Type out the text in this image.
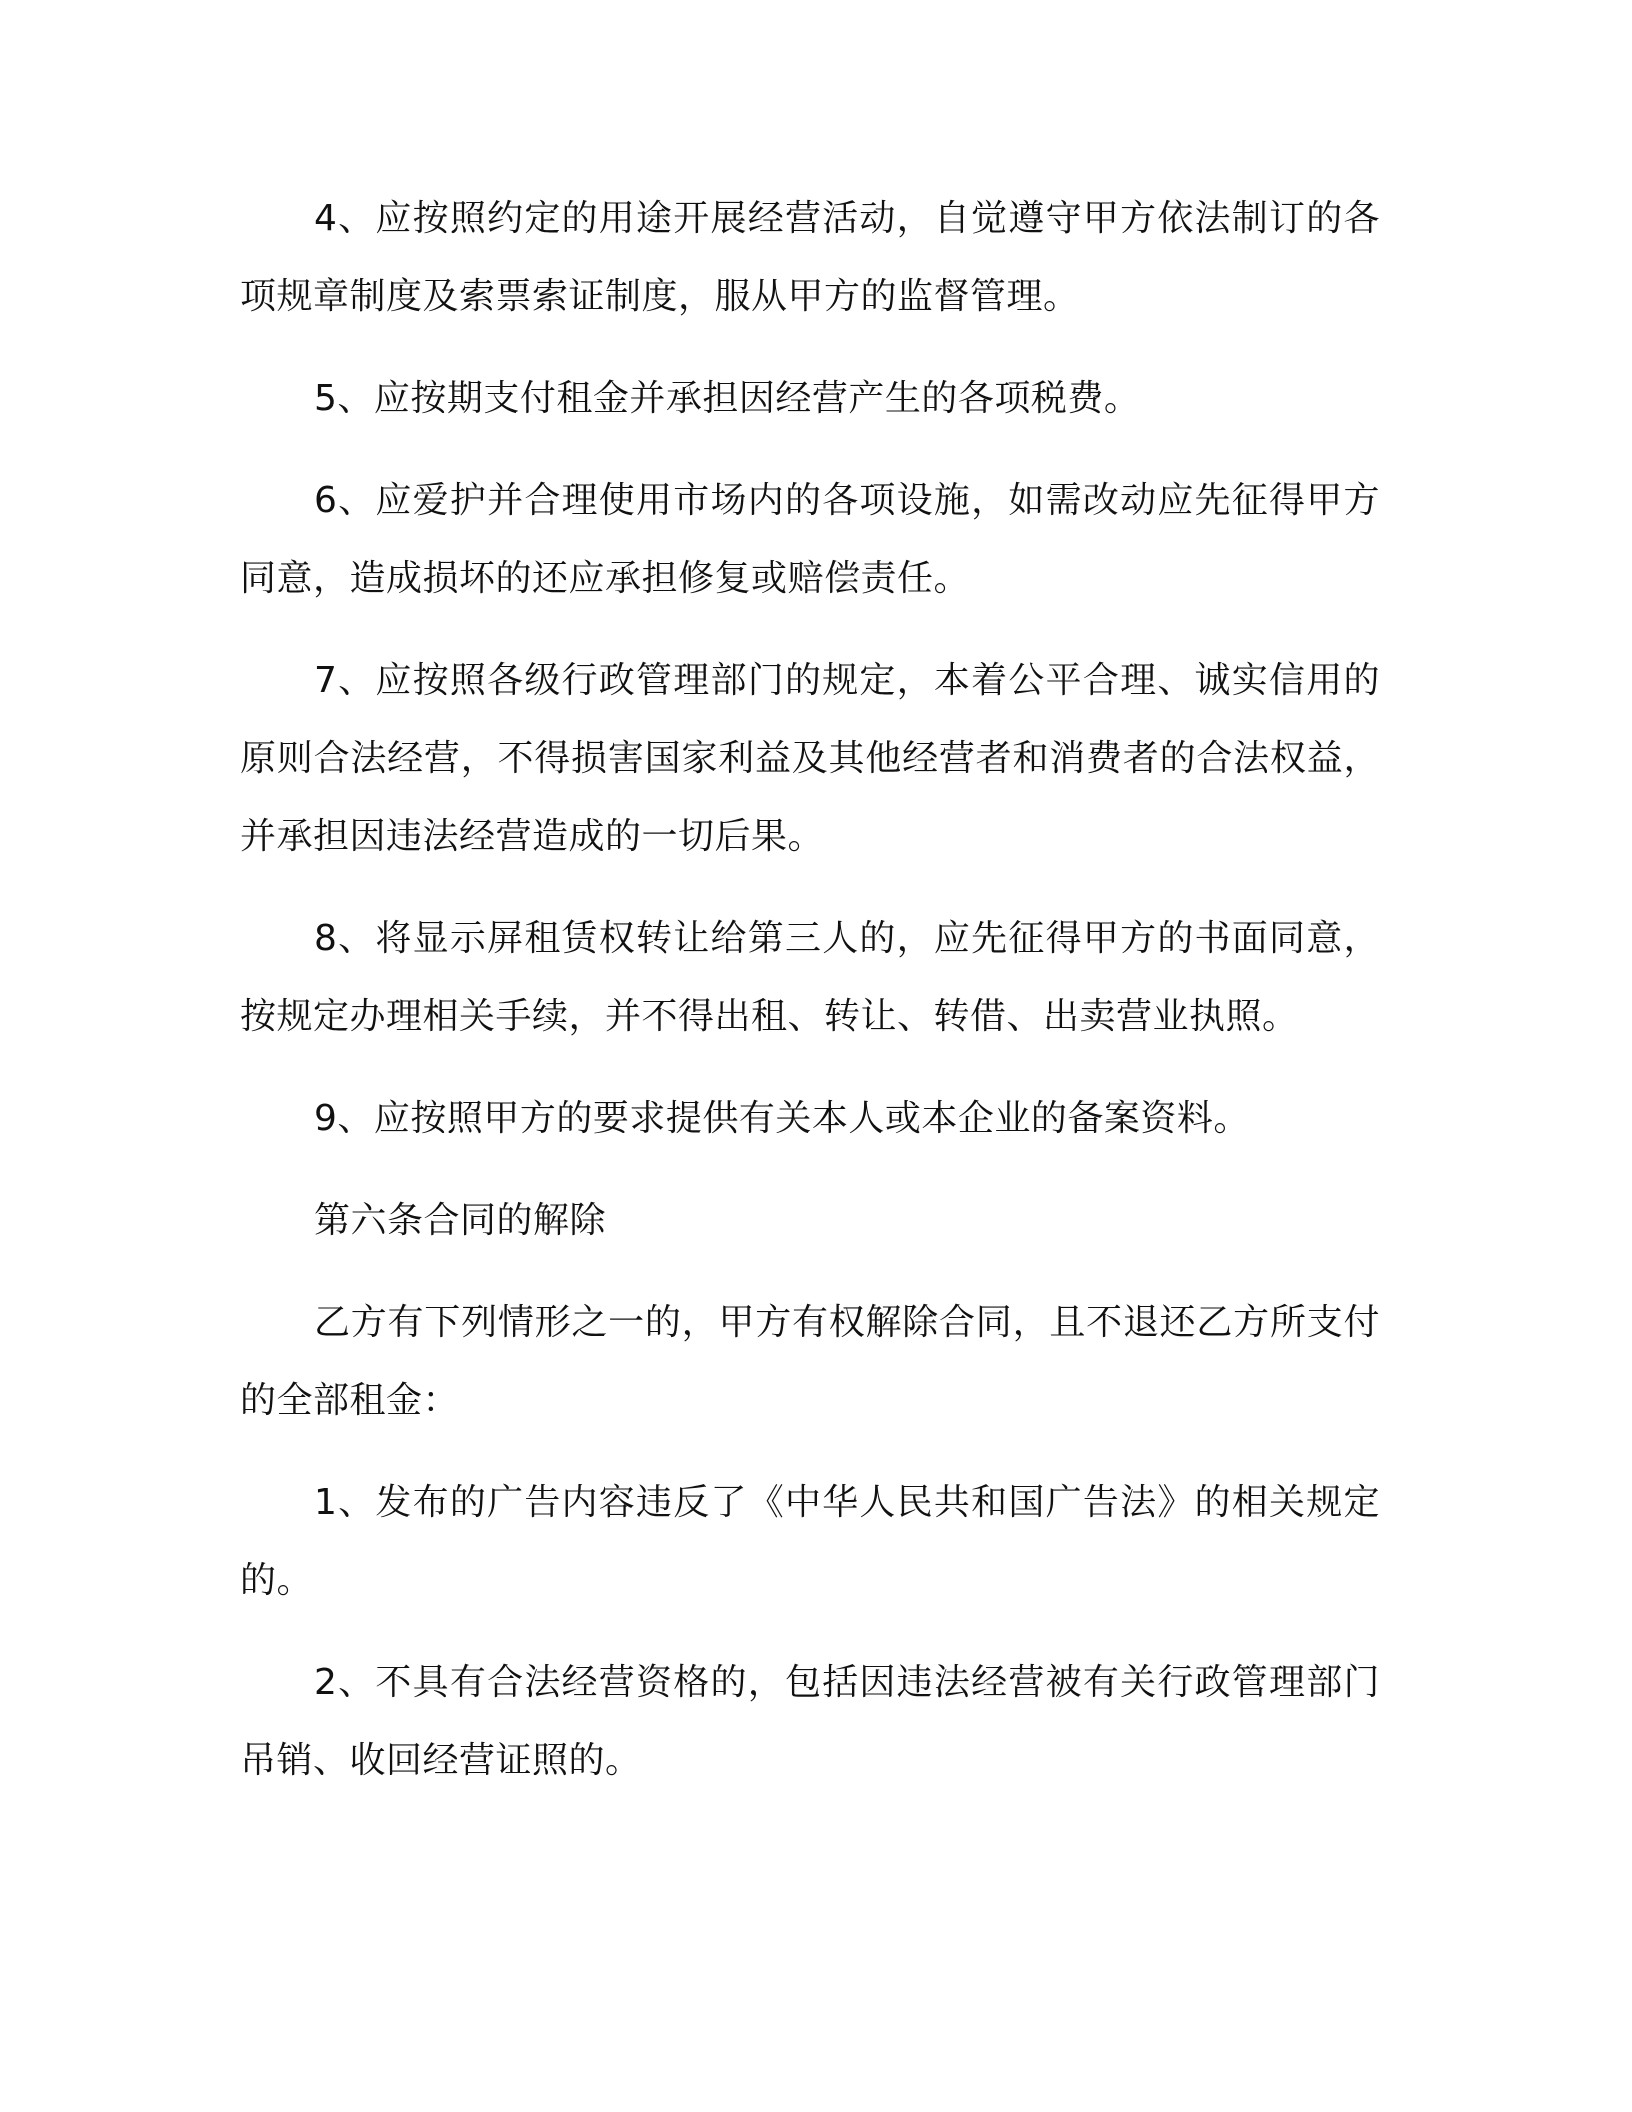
4、应按照约定的用途开展经营活动，自觉遵守甲方依法制订的各项规章制度及索票索证制度，服从甲方的监督管理。

5、应按期支付租金并承担因经营产生的各项税费。

6、应爱护并合理使用市场内的各项设施，如需改动应先征得甲方同意，造成损坏的还应承担修复或赔偿责任。

7、应按照各级行政管理部门的规定，本着公平合理、诚实信用的原则合法经营，不得损害国家利益及其他经营者和消费者的合法权益，并承担因违法经营造成的一切后果。

8、将显示屏租赁权转让给第三人的，应先征得甲方的书面同意，按规定办理相关手续，并不得出租、转让、转借、出卖营业执照。

9、应按照甲方的要求提供有关本人或本企业的备案资料。

第六条合同的解除

乙方有下列情形之一的，甲方有权解除合同，且不退还乙方所支付的全部租金：

1、发布的广告内容违反了《中华人民共和国广告法》的相关规定的。

2、不具有合法经营资格的，包括因违法经营被有关行政管理部门吊销、收回经营证照的。
